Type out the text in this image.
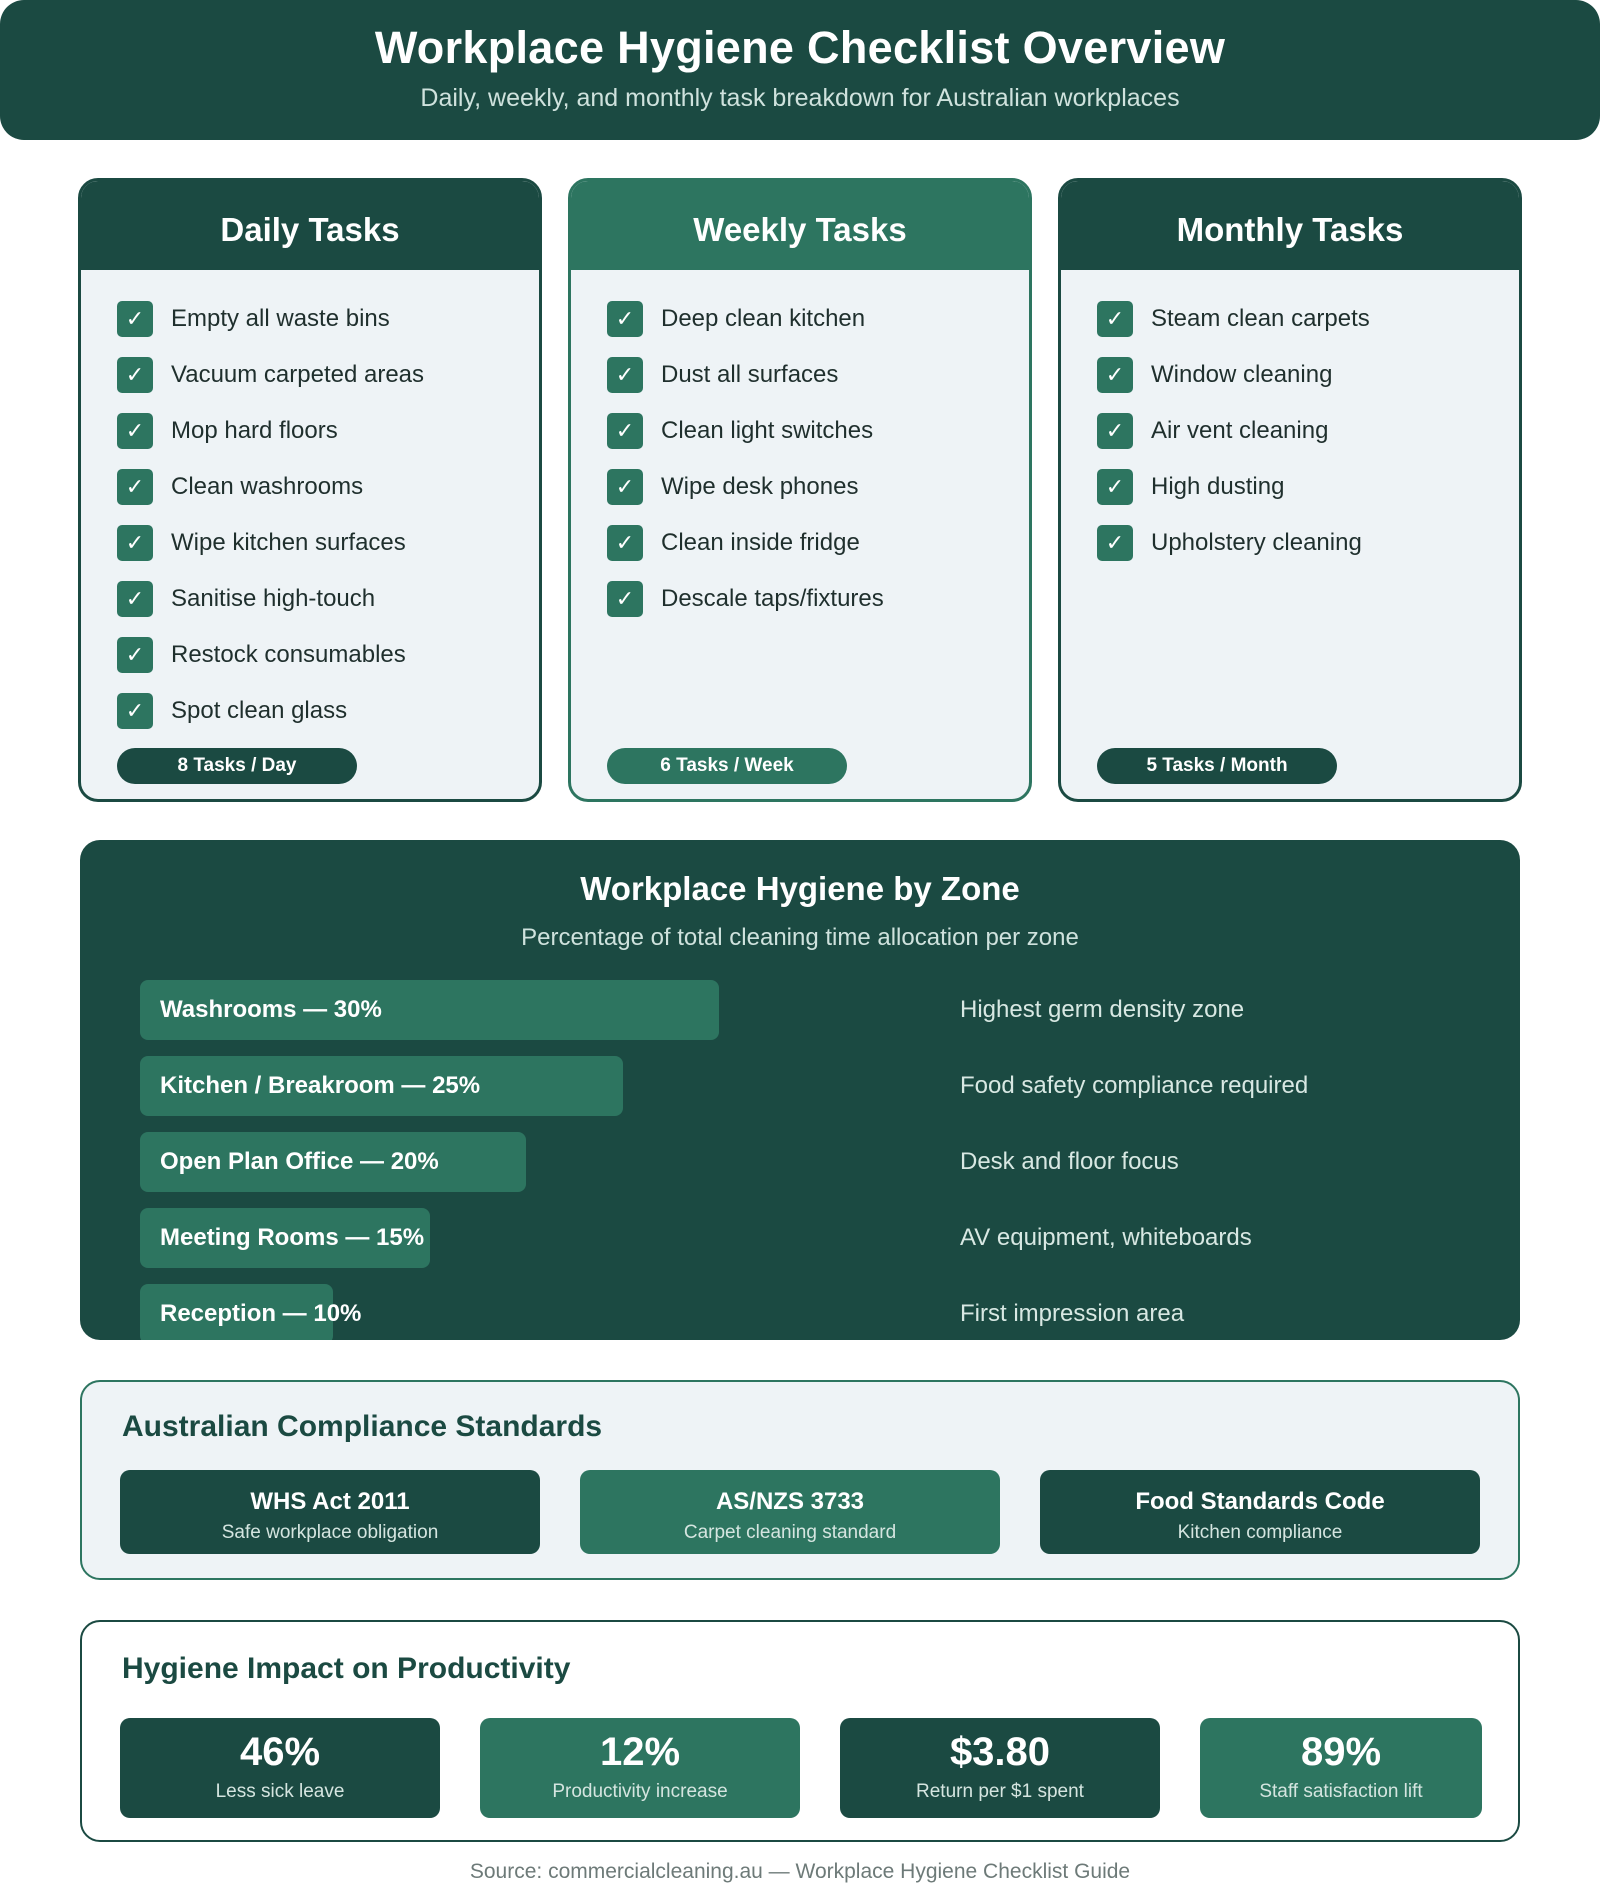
Workplace Hygiene Checklist Overview

Daily, weekly, and monthly task breakdown for Australian workplaces

Daily Tasks
✓	Empty all waste bins
✓	Vacuum carpeted areas
✓	Mop hard floors
✓	Clean washrooms
✓	Wipe kitchen surfaces
✓	Sanitise high-touch
✓	Restock consumables
✓	Spot clean glass
8 Tasks / Day
Weekly Tasks
✓	Deep clean kitchen
✓	Dust all surfaces
✓	Clean light switches
✓	Wipe desk phones
✓	Clean inside fridge
✓	Descale taps/fixtures
6 Tasks / Week
Monthly Tasks
✓	Steam clean carpets
✓	Window cleaning
✓	Air vent cleaning
✓	High dusting
✓	Upholstery cleaning
5 Tasks / Month
Workplace Hygiene by Zone
Percentage of total cleaning time allocation per zone
Washrooms — 30%	Highest germ density zone
Kitchen / Breakroom — 25%	Food safety compliance required
Open Plan Office — 20%	Desk and floor focus
Meeting Rooms — 15%	AV equipment, whiteboards
Reception — 10%	First impression area
Australian Compliance Standards
WHS Act 2011
Safe workplace obligation
AS/NZS 3733
Carpet cleaning standard
Food Standards Code
Kitchen compliance
Hygiene Impact on Productivity
46%
Less sick leave
12%
Productivity increase
$3.80
Return per $1 spent
89%
Staff satisfaction lift
Source: commercialcleaning.au — Workplace Hygiene Checklist Guide
